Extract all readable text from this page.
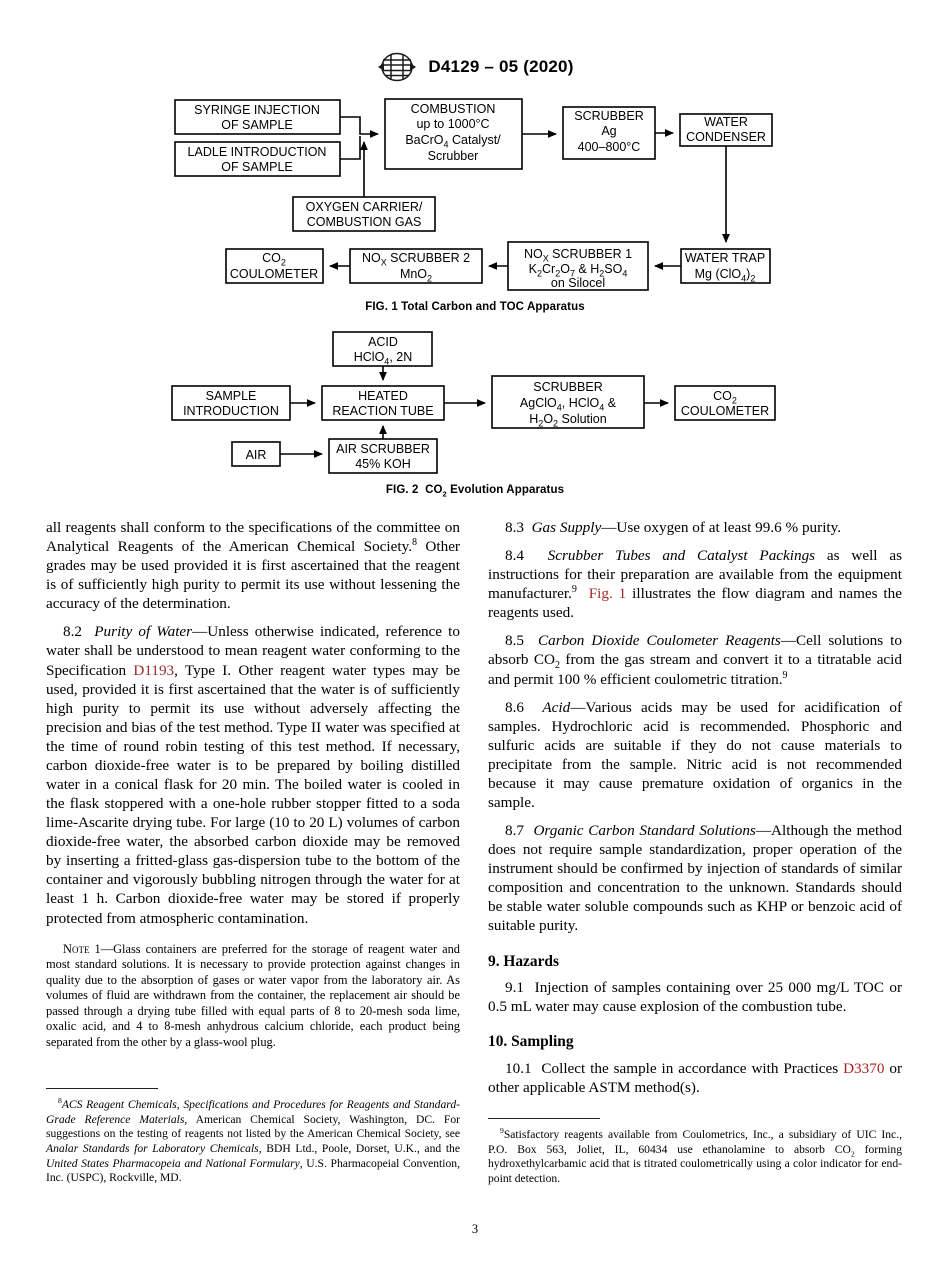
D4129 – 05 (2020)
SYRINGE INJECTION
OF SAMPLE
LADLE INTRODUCTION
OF SAMPLE
COMBUSTION
up to 1000°C
BaCrO$_4$ Catalyst/
Scrubber
SCRUBBER
Ag
400–800°C
WATER
CONDENSER
OXYGEN CARRIER/
COMBUSTION GAS
WATER TRAP
Mg $(ClO_4)_2$
$NO_X$ SCRUBBER 1
$K_2Cr_2O_7$ & $H_2SO_4$
on Silocel
$NO_X$ SCRUBBER 2
MnO$_2$
$CO_2$
COULOMETER
FIG. 1 Total Carbon and TOC Apparatus
ACID
HClO$_4$, 2N
SAMPLE
INTRODUCTION
HEATED
REACTION TUBE
SCRUBBER
AgClO$_4$, HClO$_4$ &
$H_2O_2$ Solution
$CO_2$
COULOMETER
AIR	AIR SCRUBBER
45% KOH
FIG. 2  $CO_2$ Evolution Apparatus

all reagents shall conform to the specifications of the committee on Analytical Reagents of the American Chemical Society.$^8$ Other grades may be used provided it is first ascertained that the reagent is of sufficiently high purity to permit its use without lessening the accuracy of the determination.

8.2 Purity of Water—Unless otherwise indicated, reference to water shall be understood to mean reagent water conforming to the Specification D1193, Type I. Other reagent water types may be used, provided it is first ascertained that the water is of sufficiently high purity to permit its use without adversely affecting the precision and bias of the test method. Type II water was specified at the time of round robin testing of this test method. If necessary, carbon dioxide-free water is to be prepared by boiling distilled water in a conical flask for 20 min. The boiled water is cooled in the flask stoppered with a one-hole rubber stopper fitted to a soda lime-Ascarite drying tube. For large (10 to 20 L) volumes of carbon dioxide-free water, the absorbed carbon dioxide may be removed by inserting a fritted-glass gas-dispersion tube to the bottom of the container and vigorously bubbling nitrogen through the water for at least 1 h. Carbon dioxide-free water may be stored if properly protected from atmospheric contamination.

Note 1—Glass containers are preferred for the storage of reagent water and most standard solutions. It is necessary to provide protection against changes in quality due to the absorption of gases or water vapor from the laboratory air. As volumes of fluid are withdrawn from the container, the replacement air should be passed through a drying tube filled with equal parts of 8 to 20-mesh soda lime, oxalic acid, and 4 to 8-mesh anhydrous calcium chloride, each product being separated from the other by a glass-wool plug.

8.3 Gas Supply—Use oxygen of at least 99.6 % purity.

8.4 Scrubber Tubes and Catalyst Packings as well as instructions for their preparation are available from the equipment manufacturer.$^9$ Fig. 1 illustrates the flow diagram and names the reagents used.

8.5 Carbon Dioxide Coulometer Reagents—Cell solutions to absorb $CO_2$ from the gas stream and convert it to a titratable acid and permit 100 % efficient coulometric titration.$^9$

8.6 Acid—Various acids may be used for acidification of samples. Hydrochloric acid is recommended. Phosphoric and sulfuric acids are suitable if they do not cause materials to precipitate from the sample. Nitric acid is not recommended because it may cause premature oxidation of organics in the sample.

8.7 Organic Carbon Standard Solutions—Although the method does not require sample standardization, proper operation of the instrument should be confirmed by injection of standards of similar composition and concentration to the unknown. Standards should be stable water soluble compounds such as KHP or benzoic acid of suitable purity.

9. Hazards

9.1 Injection of samples containing over 25 000 mg/L TOC or 0.5 mL water may cause explosion of the combustion tube.

10. Sampling

10.1 Collect the sample in accordance with Practices D3370 or other applicable ASTM method(s).

$^8$ACS Reagent Chemicals, Specifications and Procedures for Reagents and Standard-Grade Reference Materials, American Chemical Society, Washington, DC. For suggestions on the testing of reagents not listed by the American Chemical Society, see Analar Standards for Laboratory Chemicals, BDH Ltd., Poole, Dorset, U.K., and the United States Pharmacopeia and National Formulary, U.S. Pharmacopeial Convention, Inc. (USPC), Rockville, MD.

$^9$Satisfactory reagents available from Coulometrics, Inc., a subsidiary of UIC Inc., P.O. Box 563, Joliet, IL, 60434 use ethanolamine to absorb $CO_2$ forming hydroxethylcarbamic acid that is titrated coulometrically using a color indicator for end-point detection.

3
